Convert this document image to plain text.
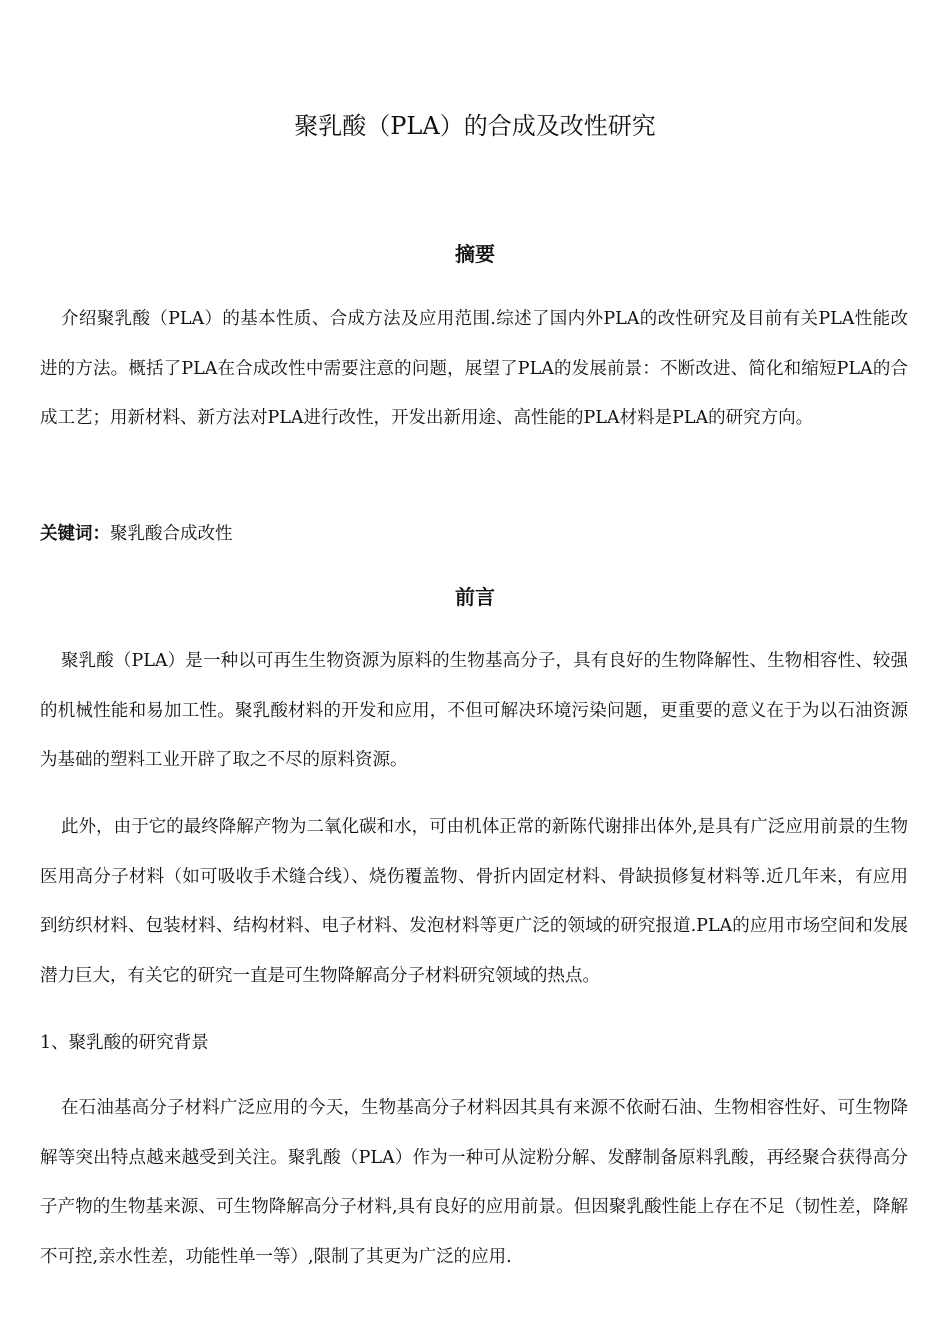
聚乳酸（PLA）的合成及改性研究
摘要
介绍聚乳酸（PLA）的基本性质、合成方法及应用范围.综述了国内外PLA的改性研究及目前有关PLA性能改进的方法。概括了PLA在合成改性中需要注意的问题，展望了PLA的发展前景：不断改进、简化和缩短PLA的合成工艺；用新材料、新方法对PLA进行改性，开发出新用途、高性能的PLA材料是PLA的研究方向。
关键词：聚乳酸合成改性
前言
聚乳酸（PLA）是一种以可再生生物资源为原料的生物基高分子，具有良好的生物降解性、生物相容性、较强的机械性能和易加工性。聚乳酸材料的开发和应用，不但可解决环境污染问题，更重要的意义在于为以石油资源为基础的塑料工业开辟了取之不尽的原料资源。
此外，由于它的最终降解产物为二氧化碳和水，可由机体正常的新陈代谢排出体外,是具有广泛应用前景的生物医用高分子材料（如可吸收手术缝合线）、烧伤覆盖物、骨折内固定材料、骨缺损修复材料等.近几年来，有应用到纺织材料、包装材料、结构材料、电子材料、发泡材料等更广泛的领域的研究报道.PLA的应用市场空间和发展潜力巨大，有关它的研究一直是可生物降解高分子材料研究领域的热点。
1、聚乳酸的研究背景
在石油基高分子材料广泛应用的今天，生物基高分子材料因其具有来源不依耐石油、生物相容性好、可生物降解等突出特点越来越受到关注。聚乳酸（PLA）作为一种可从淀粉分解、发酵制备原料乳酸，再经聚合获得高分子产物的生物基来源、可生物降解高分子材料,具有良好的应用前景。但因聚乳酸性能上存在不足（韧性差，降解不可控,亲水性差，功能性单一等）,限制了其更为广泛的应用.
